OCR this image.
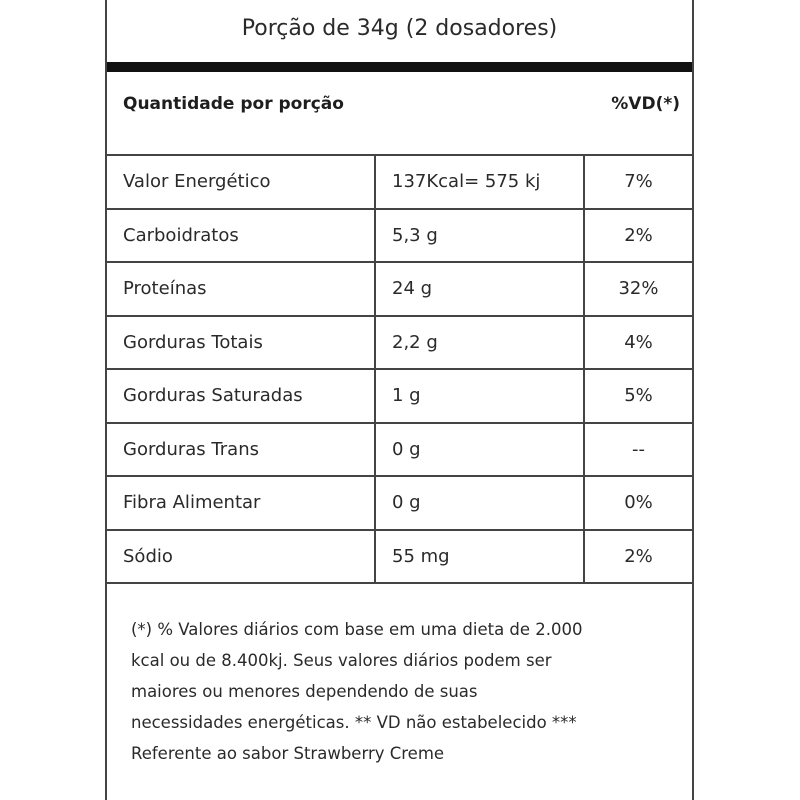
Porção de 34g (2 dosadores)
Quantidade por porção	%VD(*)
Valor Energético	137Kcal= 575 kj	7%
Carboidratos	5,3 g	2%
Proteínas	24 g	32%
Gorduras Totais	2,2 g	4%
Gorduras Saturadas	1 g	5%
Gorduras Trans	0 g	--
Fibra Alimentar	0 g	0%
Sódio	55 mg	2%
(*) % Valores diários com base em uma dieta de 2.000
kcal ou de 8.400kj. Seus valores diários podem ser
maiores ou menores dependendo de suas
necessidades energéticas. ** VD não estabelecido ***
Referente ao sabor Strawberry Creme
